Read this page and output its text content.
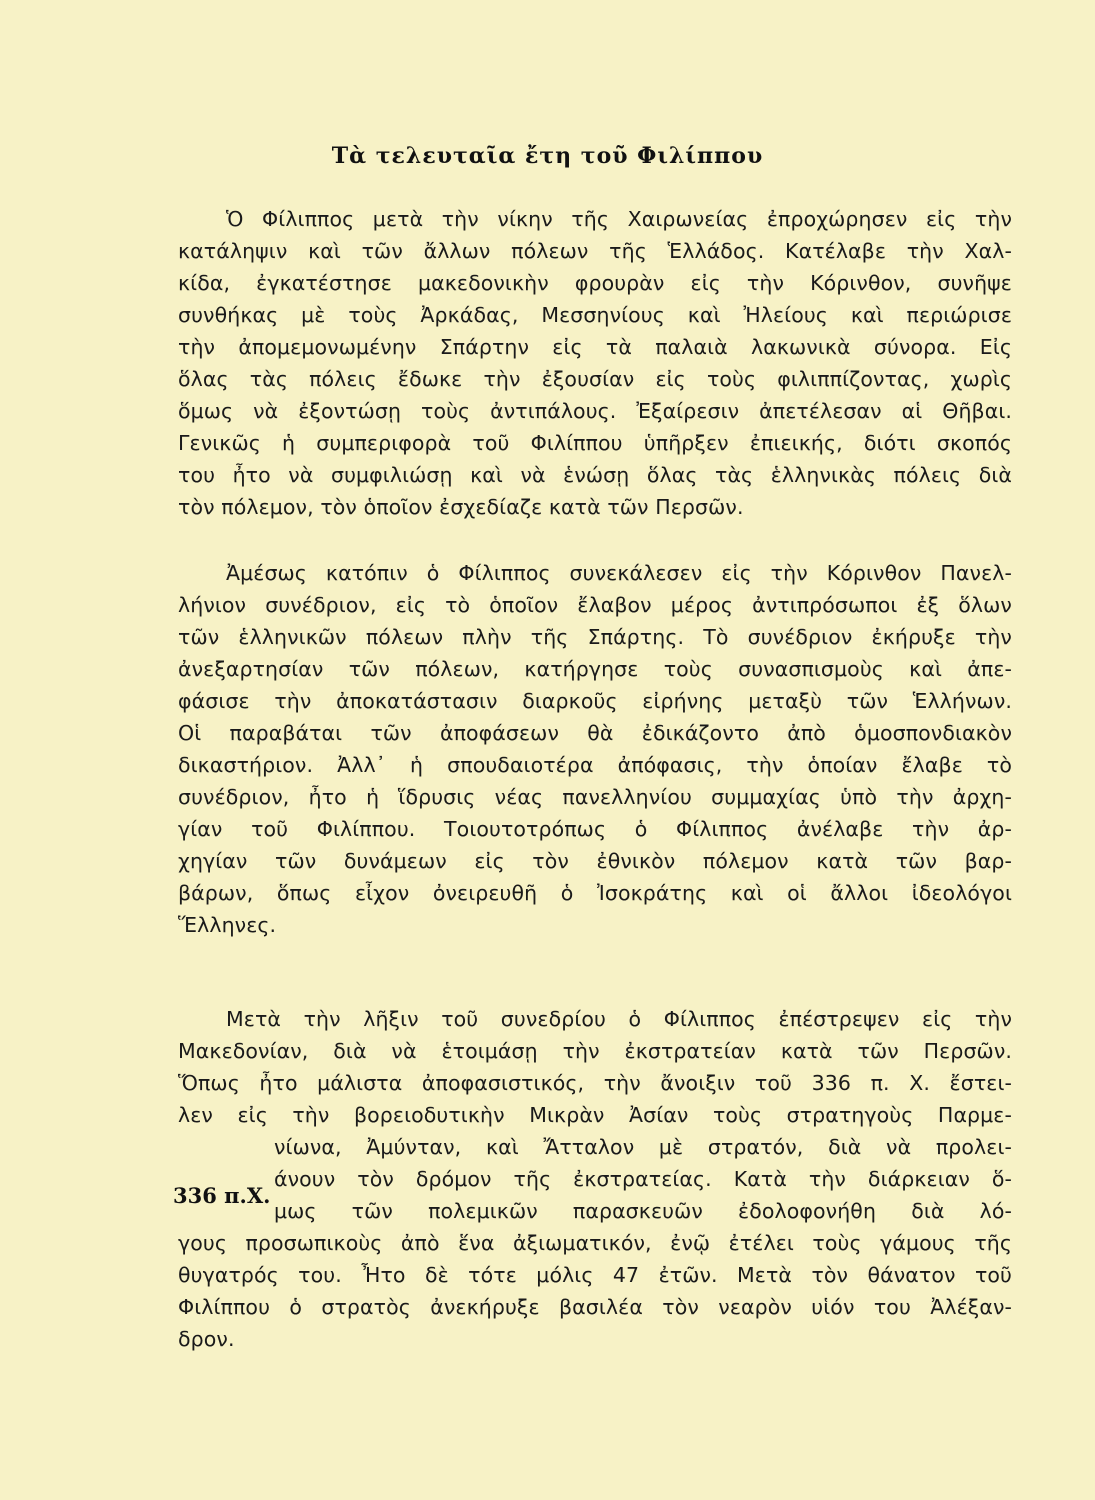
Τὰ τελευταῖα ἔτη τοῦ Φιλίππου
Ὁ Φίλιππος μετὰ τὴν νίκην τῆς Χαιρωνείας ἐπροχώρησεν εἰς τὴν
κατάληψιν καὶ τῶν ἄλλων πόλεων τῆς Ἑλλάδος. Κατέλαβε τὴν Χαλ-
κίδα, ἐγκατέστησε μακεδονικὴν φρουρὰν εἰς τὴν Κόρινθον, συνῆψε
συνθήκας μὲ τοὺς Ἀρκάδας, Μεσσηνίους καὶ Ἠλείους καὶ περιώρισε
τὴν ἀπομεμονωμένην Σπάρτην εἰς τὰ παλαιὰ λακωνικὰ σύνορα. Εἰς
ὅλας τὰς πόλεις ἔδωκε τὴν ἐξουσίαν εἰς τοὺς φιλιππίζοντας, χωρὶς
ὅμως νὰ ἐξοντώσῃ τοὺς ἀντιπάλους. Ἐξαίρεσιν ἀπετέλεσαν αἱ Θῆβαι.
Γενικῶς ἡ συμπεριφορὰ τοῦ Φιλίππου ὑπῆρξεν ἐπιεικής, διότι σκοπός
του ἦτο νὰ συμφιλιώσῃ καὶ νὰ ἑνώσῃ ὅλας τὰς ἑλληνικὰς πόλεις διὰ
τὸν πόλεμον, τὸν ὁποῖον ἐσχεδίαζε κατὰ τῶν Περσῶν.
Ἀμέσως κατόπιν ὁ Φίλιππος συνεκάλεσεν εἰς τὴν Κόρινθον Πανελ-
λήνιον συνέδριον, εἰς τὸ ὁποῖον ἔλαβον μέρος ἀντιπρόσωποι ἐξ ὅλων
τῶν ἑλληνικῶν πόλεων πλὴν τῆς Σπάρτης. Τὸ συνέδριον ἐκήρυξε τὴν
ἀνεξαρτησίαν τῶν πόλεων, κατήργησε τοὺς συνασπισμοὺς καὶ ἀπε-
φάσισε τὴν ἀποκατάστασιν διαρκοῦς εἰρήνης μεταξὺ τῶν Ἑλλήνων.
Οἱ παραβάται τῶν ἀποφάσεων θὰ ἐδικάζοντο ἀπὸ ὁμοσπονδιακὸν
δικαστήριον. Ἀλλ᾽ ἡ σπουδαιοτέρα ἀπόφασις, τὴν ὁποίαν ἔλαβε τὸ
συνέδριον, ἦτο ἡ ἵδρυσις νέας πανελληνίου συμμαχίας ὑπὸ τὴν ἀρχη-
γίαν τοῦ Φιλίππου. Τοιουτοτρόπως ὁ Φίλιππος ἀνέλαβε τὴν ἀρ-
χηγίαν τῶν δυνάμεων εἰς τὸν ἐθνικὸν πόλεμον κατὰ τῶν βαρ-
βάρων, ὅπως εἶχον ὀνειρευθῆ ὁ Ἰσοκράτης καὶ οἱ ἄλλοι ἰδεολόγοι
Ἕλληνες.
Μετὰ τὴν λῆξιν τοῦ συνεδρίου ὁ Φίλιππος ἐπέστρεψεν εἰς τὴν
Μακεδονίαν, διὰ νὰ ἑτοιμάσῃ τὴν ἐκστρατείαν κατὰ τῶν Περσῶν.
Ὅπως ἦτο μάλιστα ἀποφασιστικός, τὴν ἄνοιξιν τοῦ 336 π. Χ. ἔστει-
λεν εἰς τὴν βορειοδυτικὴν Μικρὰν Ἀσίαν τοὺς στρατηγοὺς Παρμε-
νίωνα, Ἀμύνταν, καὶ Ἄτταλον μὲ στρατόν, διὰ νὰ προλει-
άνουν τὸν δρόμον τῆς ἐκστρατείας. Κατὰ τὴν διάρκειαν ὅ-
μως τῶν πολεμικῶν παρασκευῶν ἐδολοφονήθη διὰ λό-
γους προσωπικοὺς ἀπὸ ἕνα ἀξιωματικόν, ἐνῷ ἐτέλει τοὺς γάμους τῆς
θυγατρός του. Ἦτο δὲ τότε μόλις 47 ἐτῶν. Μετὰ τὸν θάνατον τοῦ
Φιλίππου ὁ στρατὸς ἀνεκήρυξε βασιλέα τὸν νεαρὸν υἱόν του Ἀλέξαν-
δρον.
336 π.Χ.
